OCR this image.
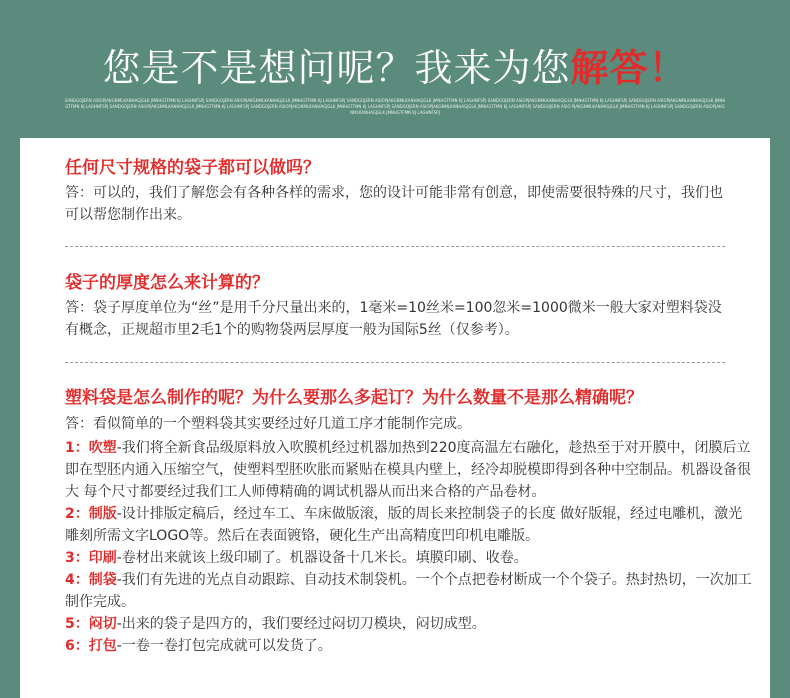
您是不是想问呢？我来为您解答！
SANDGOJERN ASIOPJAKGNMLKANHAGJGLK JMNHGTFMN KJ LAGHNFSPJ SANDGOJERN ASIOPJAKGNMLKANHAGJGLK JMNHGTFMN KJ LAGHNFSPJ SANDGOJERN ASIOPJAKGNMLKANHAGJGLK JMNHGTFMN KJ LAGHNFSPJ SANDGOJERN ASIOPJAKGNMLKANHAGJGLK JMNHGTFMN KJ LAGHNFSPJ SANDGOJERN ASIOPJAKGNMLKANHAGJGLK JMNHGTFMN KJ LAGHNFSPJ SANDGOJERN ASIOPJAKGNMLKANHAGJGLK JMNHGTFMN KJ LAGHNFSPJ SANDGOJERN ASIOPJAKGNMLKANHAGJGLK JMNHGTFMN KJ LAGHNFSPJ SANDGOJERN ASIOPJAKGNMLKANHAGJGLK JMNHGTFMN KJ LAGHNFSPJ SANDGOJERN ASIO PJAKGNMLKANHAGJGLK JMNHGTFMN KJ LAGHNFSPJ SANDGOJERN ASIOPJAKGNMLKANHAGJGLK JMNHGTFMN KJ LAGHNFSPJ
任何尺寸规格的袋子都可以做吗？
答：可以的，我们了解您会有各种各样的需求，您的设计可能非常有创意，即使需要很特殊的尺寸，我们也可以帮您制作出来。
袋子的厚度怎么来计算的？
答：袋子厚度单位为“丝”是用千分尺量出来的，1毫米=10丝米=100忽米=1000微米一般大家对塑料袋没有概念，正规超市里2毛1个的购物袋两层厚度一般为国际5丝（仅参考）。
塑料袋是怎么制作的呢？为什么要那么多起订？为什么数量不是那么精确呢？
答：看似简单的一个塑料袋其实要经过好几道工序才能制作完成。

1：吹塑-我们将全新食品级原料放入吹膜机经过机器加热到220度高温左右融化，趁热至于对开膜中，闭膜后立即在型胚内通入压缩空气，使塑料型胚吹胀而紧贴在模具内壁上，经冷却脱模即得到各种中空制品。机器设备很大 每个尺寸都要经过我们工人师傅精确的调试机器从而出来合格的产品卷材。

2：制版-设计排版定稿后，经过车工、车床做版滚，版的周长来控制袋子的长度 做好版辊，经过电雕机，激光雕刻所需文字LOGO等。然后在表面镀铬，硬化生产出高精度凹印机电雕版。

3：印刷-卷材出来就该上级印刷了。机器设备十几米长。填膜印刷、收卷。

4：制袋-我们有先进的光点自动跟踪、自动技术制袋机。一个个点把卷材断成一个个袋子。热封热切，一次加工制作完成。

5：闷切-出来的袋子是四方的，我们要经过闷切刀模块，闷切成型。

6：打包-一卷一卷打包完成就可以发货了。
